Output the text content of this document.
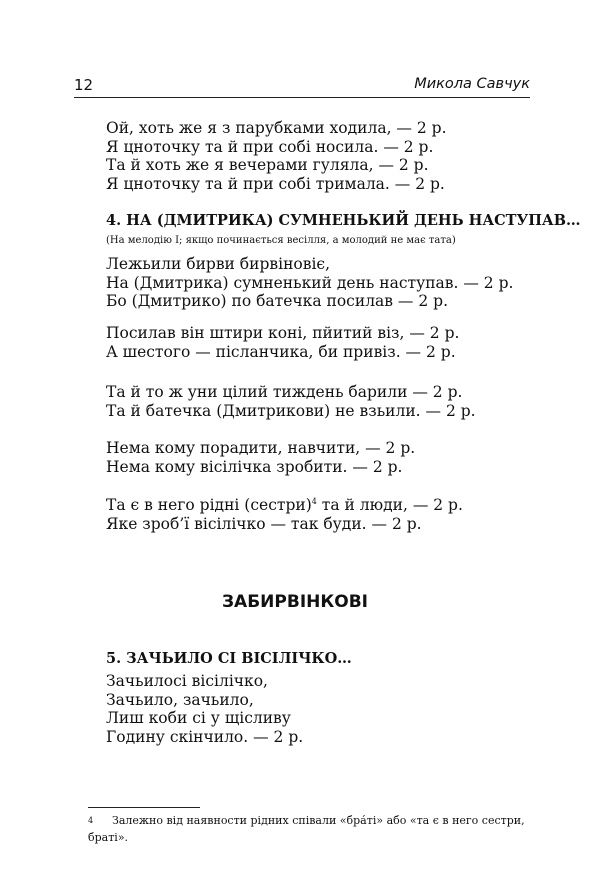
12	Микола Савчук
Ой, хоть же я з парубками ходила, — 2 р.
Я цноточку та й при собі носила. — 2 р.
Та й хоть же я вечерами гуляла, — 2 р.
Я цноточку та й при собі тримала. — 2 р.
4. НА (ДМИТРИКА) СУМНЕНЬКИЙ ДЕНЬ НАСТУПАВ…
(На мелодію І; якщо починається весілля, а молодий не має тата)
Лежьили бирви бирвіновіє,
На (Дмитрика) сумненький день наступав. — 2 р.
Бо (Дмитрико) по батечка посилав — 2 р.
Посилав він штири коні, пйитий віз, — 2 р.
А шестого — післанчика, би привіз. — 2 р.
Та й то ж уни цілий тиждень барили — 2 р.
Та й батечка (Дмитрикови) не взьили. — 2 р.
Нема кому порадити, навчити, — 2 р.
Нема кому вісілічка зробити. — 2 р.
Та є в него рідні (сестри)$^4$ та й люди, — 2 р.
Яке зроб’ї вісілічко — так буди. — 2 р.
ЗАБИРВІНКОВІ
5. ЗАЧЬИЛО СІ ВІСІЛІЧКО…
Зачьилосі вісілічко,
Зачьило, зачьило,
Лиш коби сі у щісливу
Годину скінчило. — 2 р.
4 Залежно від наявности рідних співали «бра́ті» або «та є в него сестри, браті».
